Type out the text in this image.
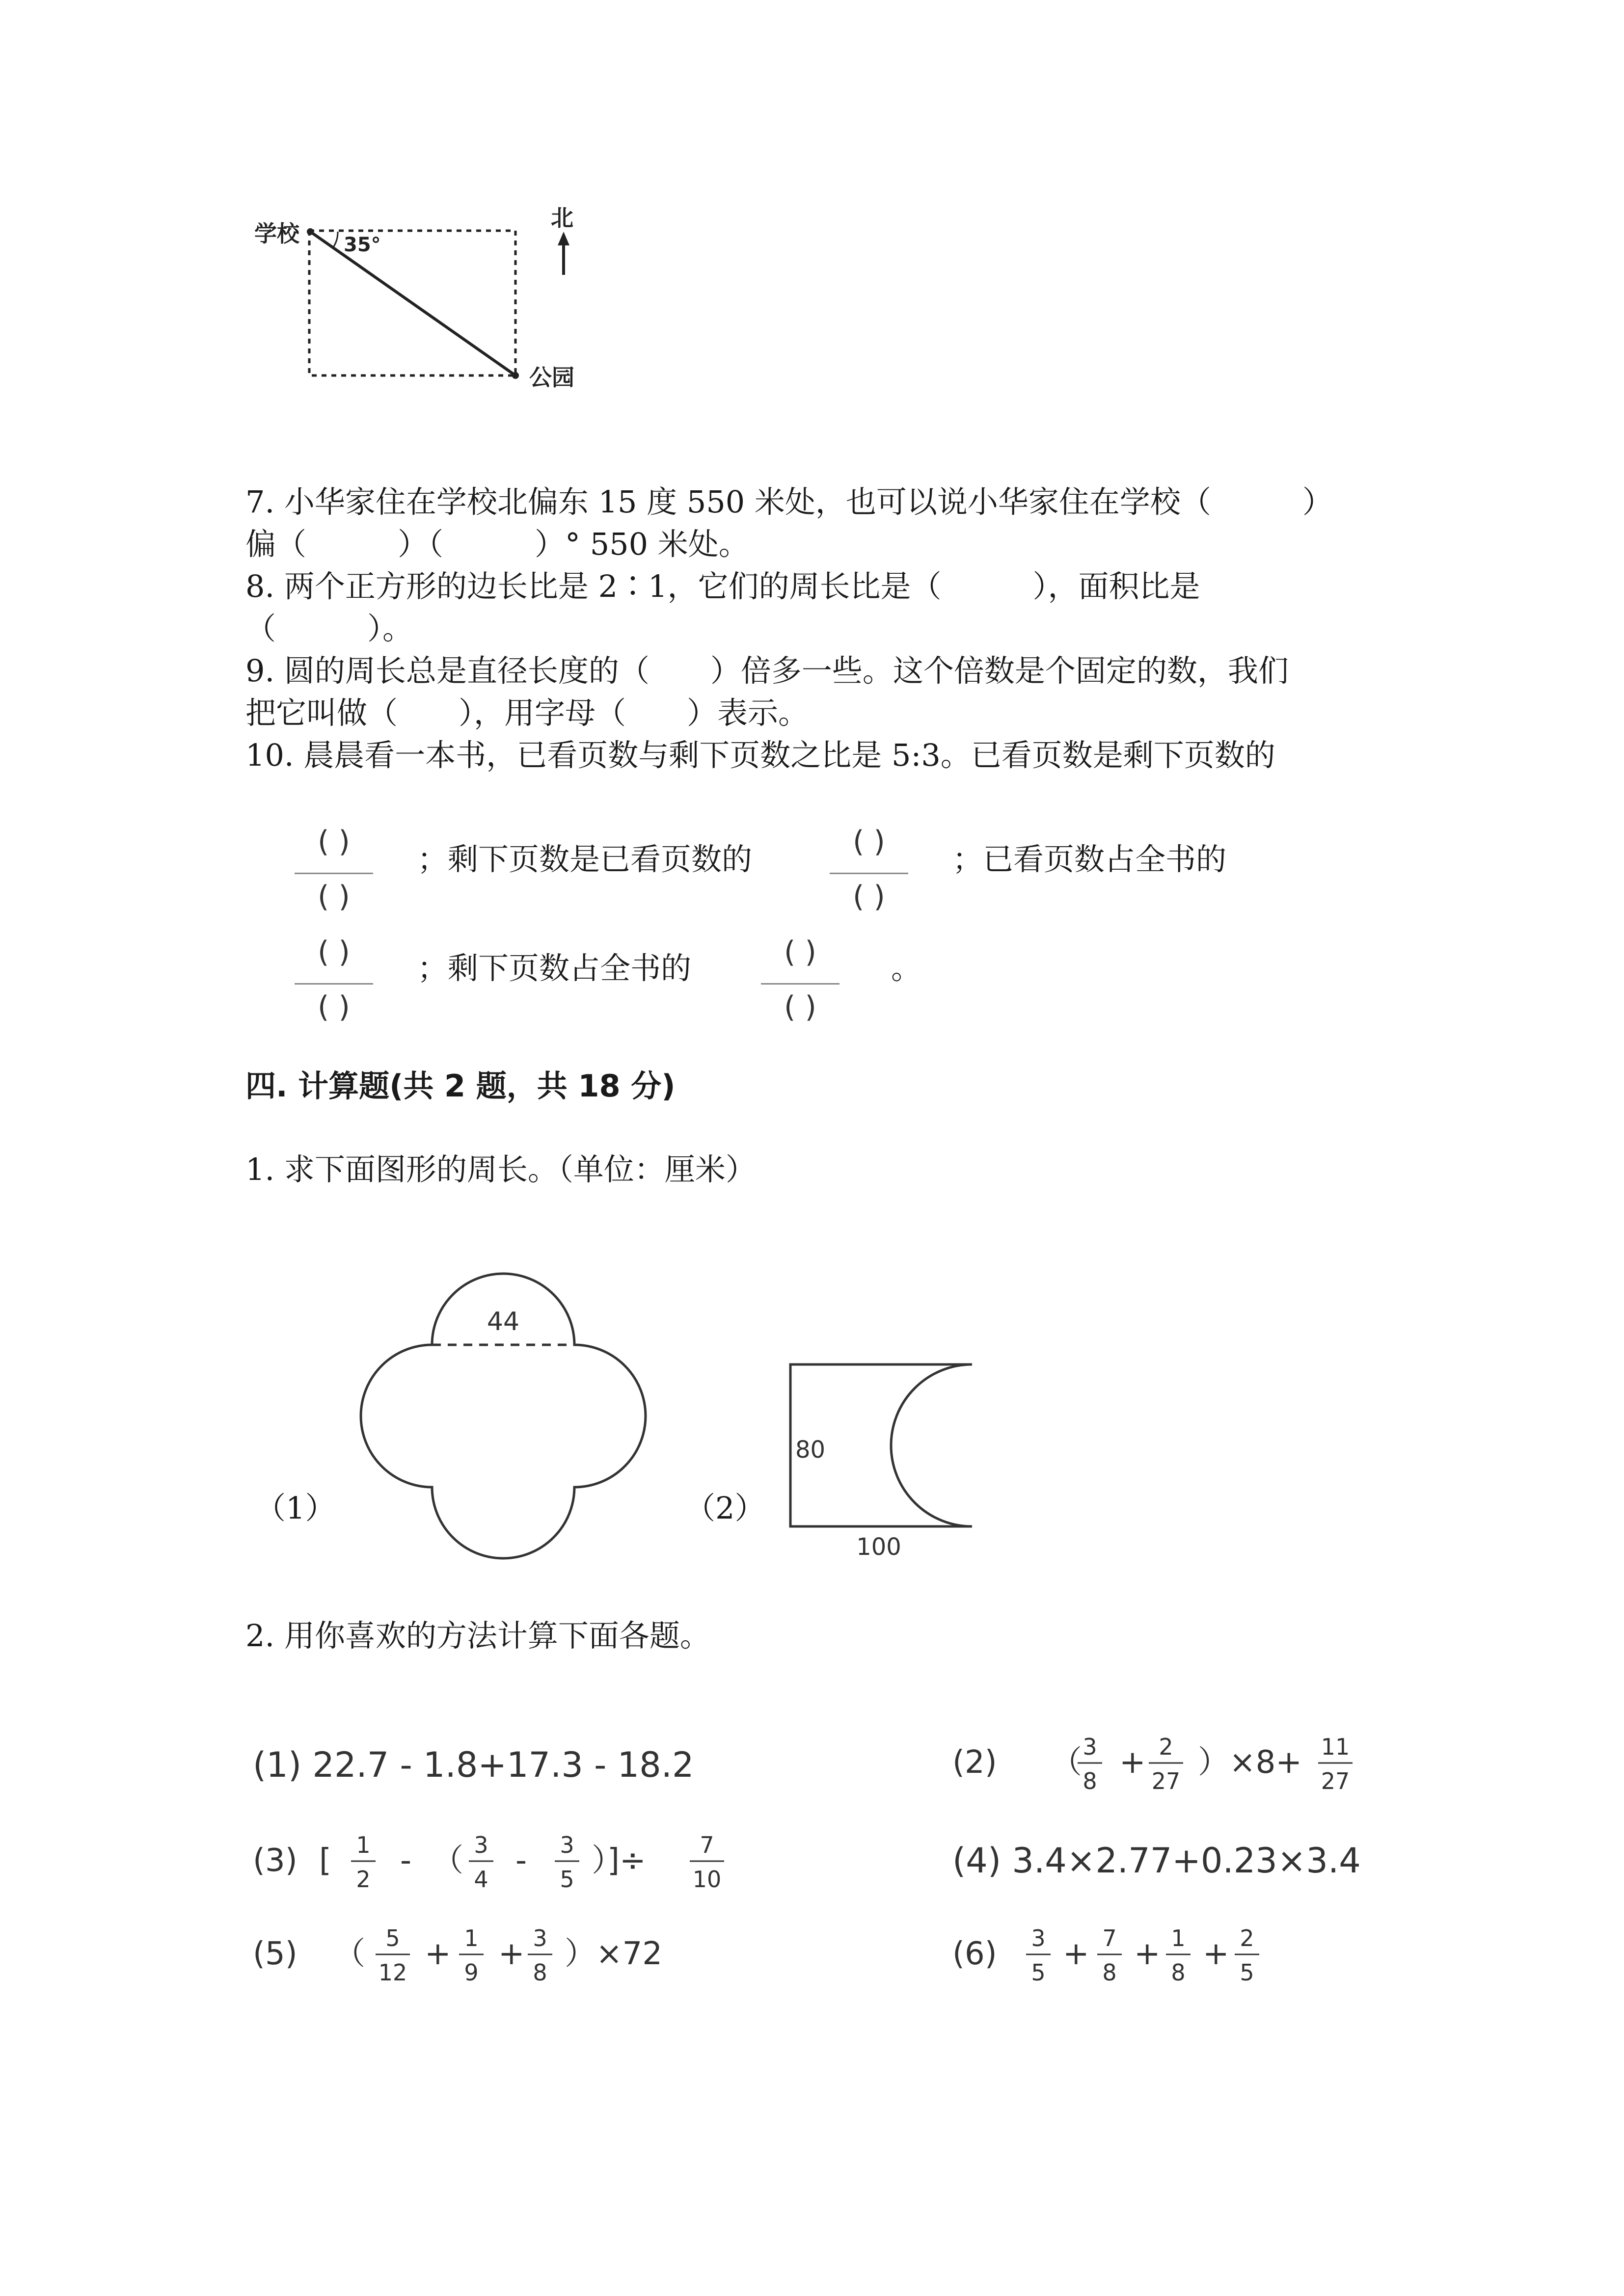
学校 35°
公园
北
7. 小华家住在学校北偏东 15 度 550 米处，也可以说小华家住在学校（　　　）
偏（　　　）（　　　）° 550 米处。
8. 两个正方形的边长比是 2∶1，它们的周长比是（　　　），面积比是
（　　　）。
9. 圆的周长总是直径长度的（　　）倍多一些。这个倍数是个固定的数，我们
把它叫做（　　），用字母（　　）表示。
10. 晨晨看一本书，已看页数与剩下页数之比是 5:3。已看页数是剩下页数的
( )
( )
；剩下页数是已看页数的	( )
( )
；已看页数占全书的
( )
( )
；剩下页数占全书的	( )
( )
。
四. 计算题(共 2 题，共 18 分)
1. 求下面图形的周长。（单位：厘米）
（1）
44
（2）
80
100
2. 用你喜欢的方法计算下面各题。
(1) 22.7 - 1.8+17.3 - 18.2	(2) （ 3
8
+ 2
27
）×8+ 11
27
(3) [ 1
2
- （ 3
4
- 3
5
）]÷ 7
10	(4) 3.4×2.77+0.23×3.4
(5) （ 5
12
+ 1
9
+ 3
8
）×72	(6) 3
5
+ 7
8
+ 1
8
+ 2
5
